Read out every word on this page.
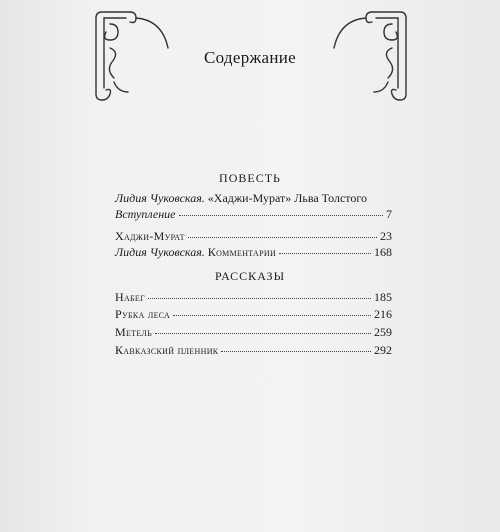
Содержание
ПОВЕСТЬ
Лидия Чуковская. «Хаджи-Мурат» Льва Толстого
Вступление	7
Хаджи-Мурат	23
Лидия Чуковская. Комментарии	168
РАССКАЗЫ
Набег	185
Рубка леса	216
Метель	259
Кавказский пленник	292
